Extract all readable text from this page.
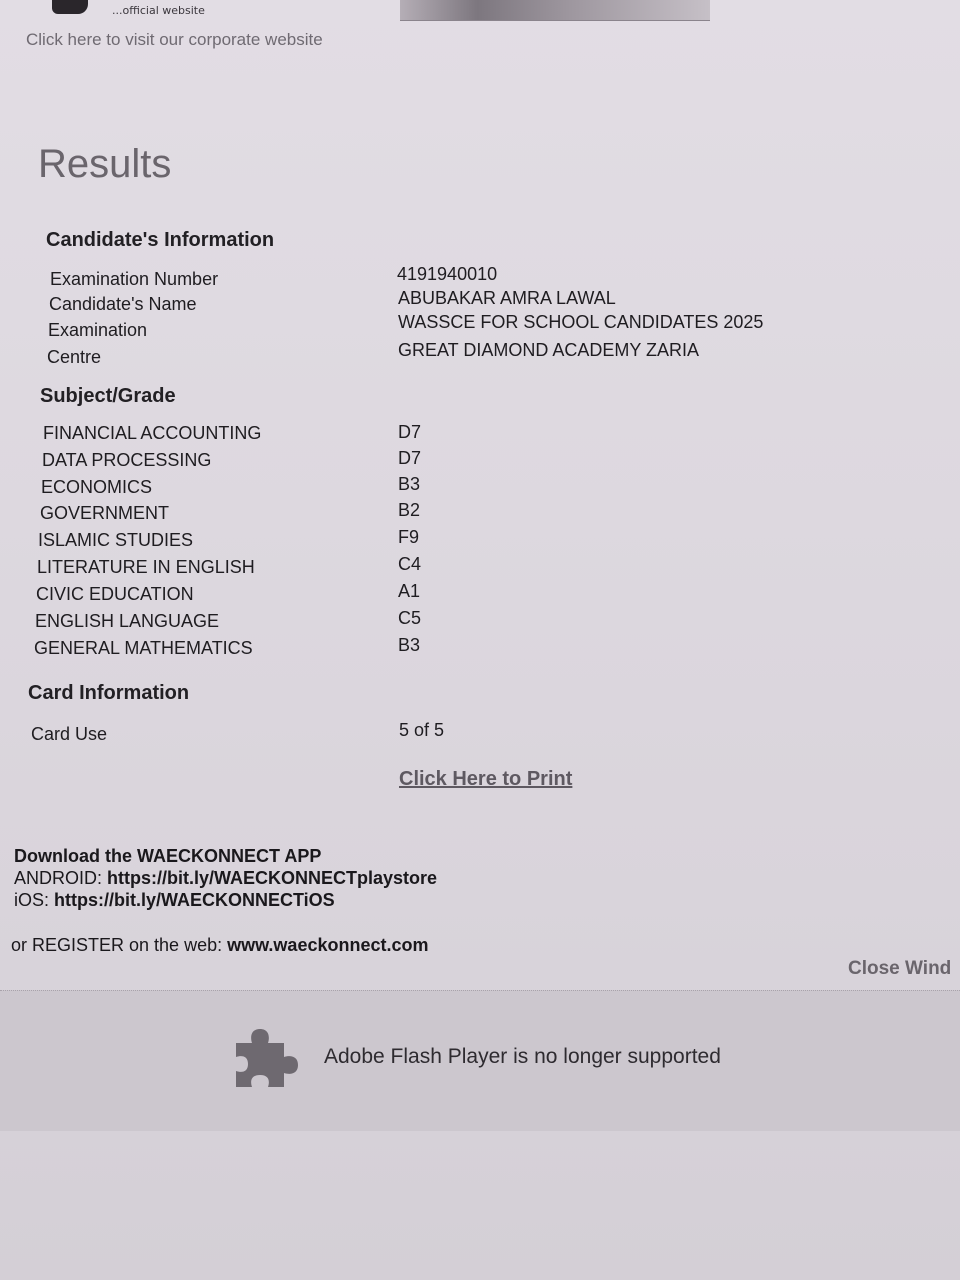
...official website
Click here to visit our corporate website
Results
Candidate's Information
Examination Number	4191940010
Candidate's Name	ABUBAKAR AMRA LAWAL
Examination	WASSCE FOR SCHOOL CANDIDATES 2025
Centre	GREAT DIAMOND ACADEMY ZARIA
Subject/Grade
FINANCIAL ACCOUNTING	D7
DATA PROCESSING	D7
ECONOMICS	B3
GOVERNMENT	B2
ISLAMIC STUDIES	F9
LITERATURE IN ENGLISH	C4
CIVIC EDUCATION	A1
ENGLISH LANGUAGE	C5
GENERAL MATHEMATICS	B3
Card Information
Card Use	5 of 5
Click Here to Print
Download the WAECKONNECT APP
ANDROID: https://bit.ly/WAECKONNECTplaystore
iOS: https://bit.ly/WAECKONNECTiOS
or REGISTER on the web: www.waeckonnect.com
Close Wind
Adobe Flash Player is no longer supported
